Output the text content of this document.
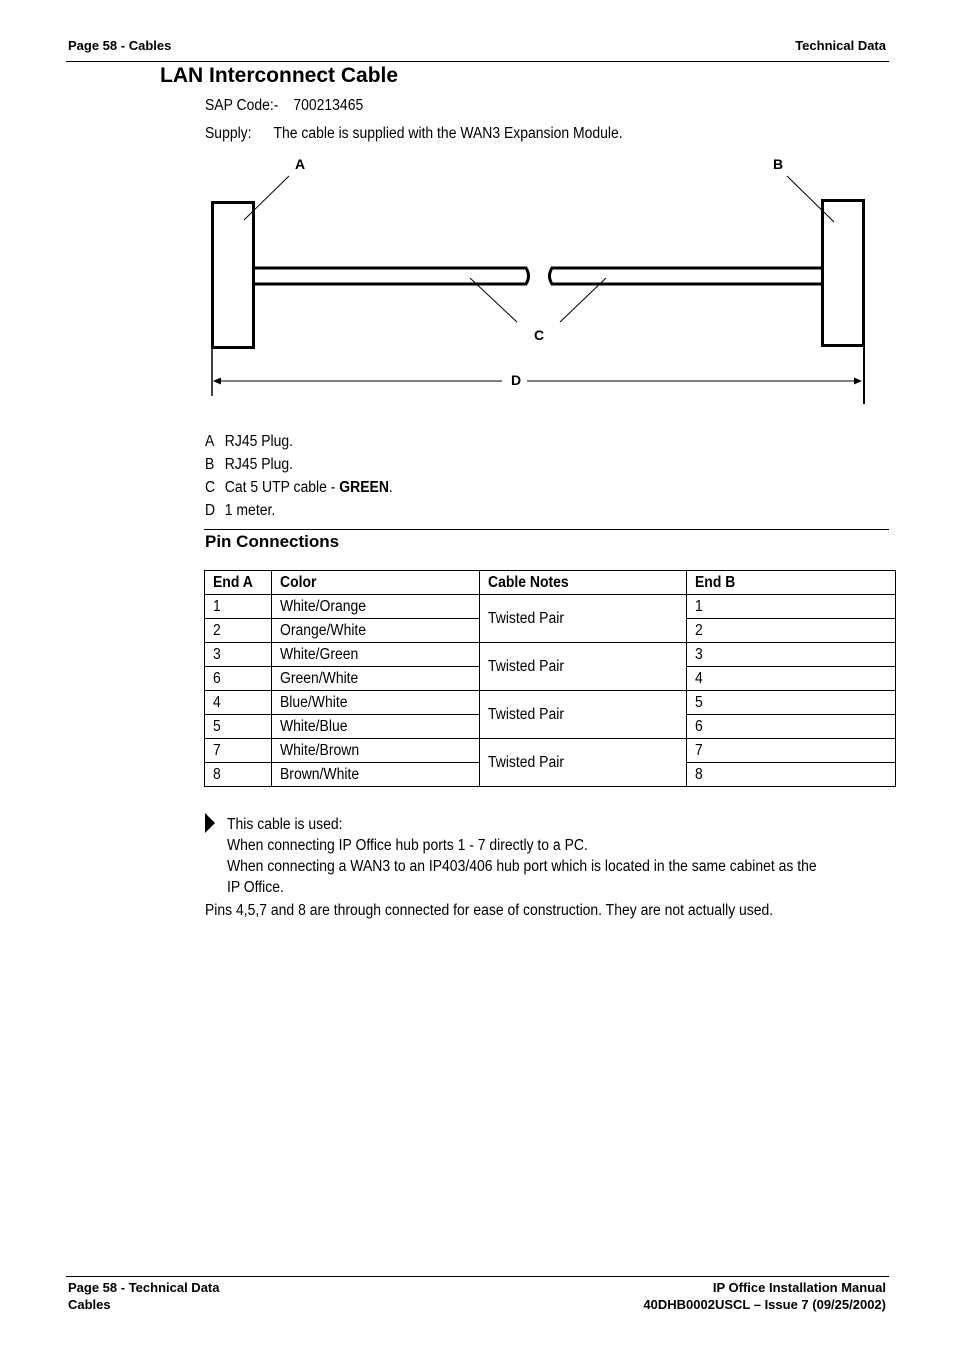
Page 58 - Cables	Technical Data
LAN Interconnect Cable
SAP Code:- 700213465
Supply: The cable is supplied with the WAN3 Expansion Module.
A	B
C
D
A RJ45 Plug.
B RJ45 Plug.
C Cat 5 UTP cable - GREEN.
D 1 meter.
Pin Connections
End A	Color	Cable Notes	End B
1	White/Orange	Twisted Pair	1
2	Orange/White		2
3	White/Green	Twisted Pair	3
6	Green/White		4
4	Blue/White	Twisted Pair	5
5	White/Blue		6
7	White/Brown	Twisted Pair	7
8	Brown/White		8
This cable is used:
When connecting IP Office hub ports 1 - 7 directly to a PC.
When connecting a WAN3 to an IP403/406 hub port which is located in the same cabinet as the
IP Office.
Pins 4,5,7 and 8 are through connected for ease of construction. They are not actually used.
Page 58 - Technical Data
Cables
IP Office Installation Manual
40DHB0002USCL – Issue 7 (09/25/2002)
